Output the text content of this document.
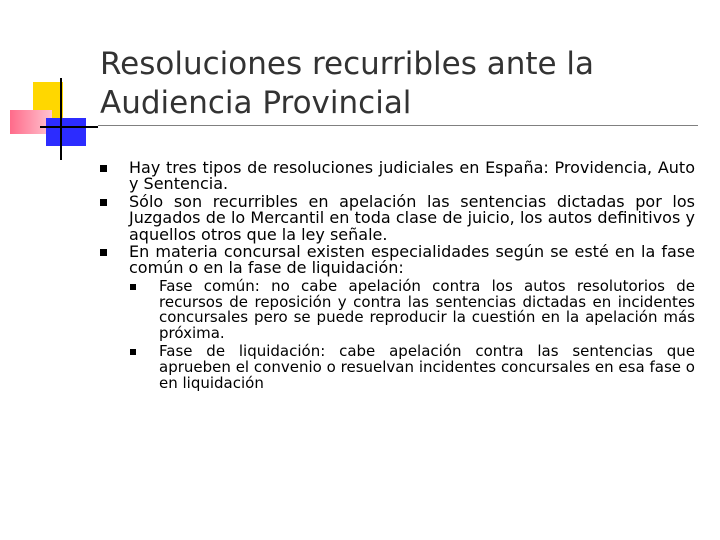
Resoluciones recurribles ante la Audiencia Provincial
Hay tres tipos de resoluciones judiciales en España: Providencia, Auto y Sentencia.
Sólo son recurribles en apelación las sentencias dictadas por los Juzgados de lo Mercantil en toda clase de juicio, los autos definitivos y aquellos otros que la ley señale.
En materia concursal existen especialidades según se esté en la fase común o en la fase de liquidación:
Fase común: no cabe apelación contra los autos resolutorios de recursos de reposición y contra las sentencias dictadas en incidentes concursales pero se puede reproducir la cuestión en la apelación más próxima.
Fase de liquidación: cabe apelación contra las sentencias que aprueben el convenio o resuelvan incidentes concursales en esa fase o en liquidación
